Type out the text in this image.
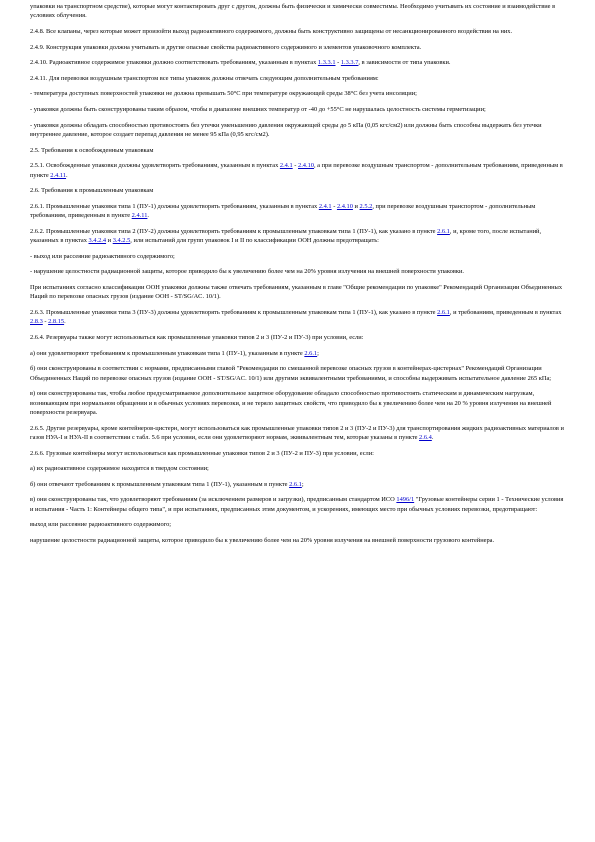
упаковки на транспортном средстве), которые могут контактировать друг с другом, должны быть физически и химически совместимы. Необходимо учитывать их состояние и взаимодействие в условиях облучения.

2.4.8. Все клапаны, через которые может произойти выход радиоактивного содержимого, должны быть конструктивно защищены от несанкционированного воздействия на них.

2.4.9. Конструкция упаковки должна учитывать и другие опасные свойства радиоактивного содержимого и элементов упаковочного комплекта.

2.4.10. Радиоактивное содержимое упаковки должно соответствовать требованиям, указанным в пунктах 1.3.3.1 - 1.3.3.7, в зависимости от типа упаковки.

2.4.11. Для перевозки воздушным транспортом все типы упаковок должны отвечать следующим дополнительным требованиям:

- температура доступных поверхностей упаковки не должна превышать 50°С при температуре окружающей среды 38°С без учета инсоляции;

- упаковки должны быть сконструированы таким образом, чтобы в диапазоне внешних температур от -40 до +55°С не нарушалась целостность системы герметизации;

- упаковки должны обладать способностью противостоять без утечки уменьшению давления окружающей среды до 5 кПа (0,05 кгс/см2) или должны быть способны выдержать без утечки внутреннее давление, которое создает перепад давления не менее 95 кПа (0,95 кгс/см2).

2.5. Требования к освобожденным упаковкам

2.5.1. Освобожденные упаковки должны удовлетворять требованиям, указанным в пунктах 2.4.1 - 2.4.10, а при перевозке воздушным транспортом - дополнительным требованиям, приведенным в пункте 2.4.11.

2.6. Требования к промышленным упаковкам

2.6.1. Промышленные упаковки типа 1 (ПУ-1) должны удовлетворять требованиям, указанным в пунктах 2.4.1 - 2.4.10 и 2.5.2, при перевозке воздушным транспортом - дополнительным требованиям, приведенным в пункте 2.4.11.

2.6.2. Промышленные упаковки типа 2 (ПУ-2) должны удовлетворять требованиям к промышленным упаковкам типа 1 (ПУ-1), как указано в пункте 2.6.1, и, кроме того, после испытаний, указанных в пунктах 3.4.2.4 и 3.4.2.5, или испытаний для групп упаковок I и II по классификации ООН должны предотвращать:

- выход или рассеяние радиоактивного содержимого;

- нарушение целостности радиационной защиты, которое приводило бы к увеличению более чем на 20% уровня излучения на внешней поверхности упаковки.

При испытаниях согласно классификации ООН упаковки должны также отвечать требованиям, указанным в главе "Общие рекомендации по упаковке" Рекомендаций Организации Объединенных Наций по перевозке опасных грузов (издание ООН - ST/SG/AC. 10/1).

2.6.3. Промышленные упаковки типа 3 (ПУ-3) должны удовлетворять требованиям к промышленным упаковкам типа 1 (ПУ-1), как указано в пункте 2.6.1, и требованиям, приведенным в пунктах 2.8.3 - 2.8.15.

2.6.4. Резервуары также могут использоваться как промышленные упаковки типов 2 и 3 (ПУ-2 и ПУ-3) при условии, если:

а) они удовлетворяют требованиям к промышленным упаковкам типа 1 (ПУ-1), указанным в пункте 2.6.1;

б) они сконструированы в соответствии с нормами, предписанными главой "Рекомендации по смешанной перевозке опасных грузов в контейнерах-цистернах" Рекомендаций Организации Объединенных Наций по перевозке опасных грузов (издание ООН - ST/SG/AC. 10/1) или другими эквивалентными требованиями, и способны выдерживать испытательное давление 265 кПа;

в) они сконструированы так, чтобы любое предусматриваемое дополнительное защитное оборудование обладало способностью противостоять статическим и динамическим нагрузкам, возникающим при нормальном обращении и в обычных условиях перевозки, и не теряло защитных свойств, что приводило бы к увеличению более чем на 20 % уровня излучения на внешней поверхности резервуара.

2.6.5. Другие резервуары, кроме контейнеров-цистерн, могут использоваться как промышленные упаковки типов 2 и 3 (ПУ-2 и ПУ-3) для транспортирования жидких радиоактивных материалов и газов НУА-I и НУА-II в соответствии с табл. 5.6 при условии, если они удовлетворяют нормам, эквивалентным тем, которые указаны в пункте 2.6.4.

2.6.6. Грузовые контейнеры могут использоваться как промышленные упаковки типов 2 и 3 (ПУ-2 и ПУ-3) при условии, если:

а) их радиоактивное содержимое находится в твердом состоянии;

б) они отвечают требованиям к промышленным упаковкам типа 1 (ПУ-1), указанным в пункте 2.6.1;

в) они сконструированы так, что удовлетворяют требованиям (за исключением размеров и загрузки), предписанным стандартом ИСО 1496/1 "Грузовые контейнеры серии 1 - Технические условия и испытания - Часть 1: Контейнеры общего типа", и при испытаниях, предписанных этим документом, и ускорениях, имеющих место при обычных условиях перевозки, предотвращают:

выход или рассеяние радиоактивного содержимого;

нарушение целостности радиационной защиты, которое приводило бы к увеличению более чем на 20% уровня излучения на внешней поверхности грузового контейнера.
